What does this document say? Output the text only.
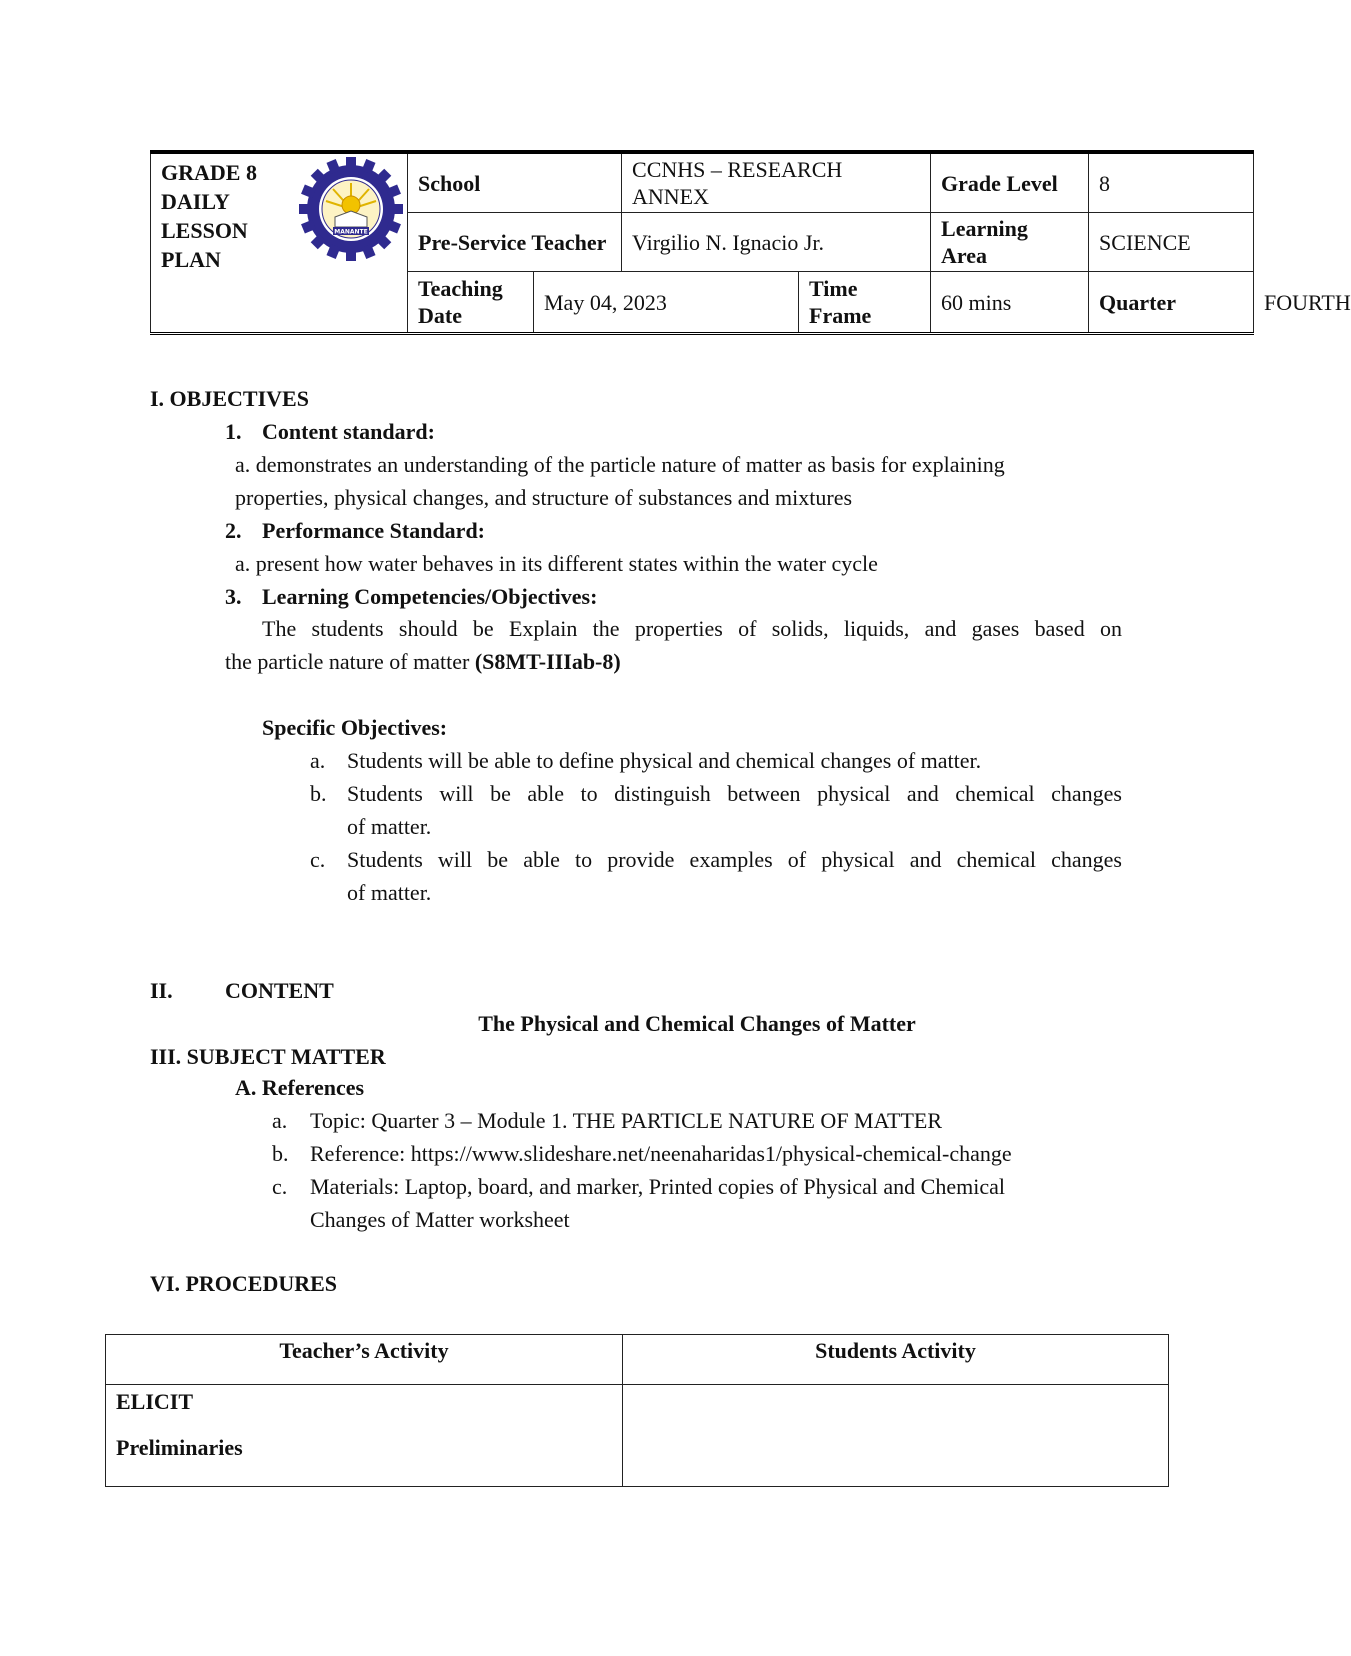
GRADE 8
DAILY
LESSON
PLAN
MANANTE	School		CCNHS – RESEARCH ANNEX		Grade Level	8	
	Pre-Service Teacher		Virgilio N. Ignacio Jr.		Learning Area	SCIENCE	
	Teaching Date	May 04, 2023		Time Frame	60 mins	Quarter	FOURTH
I. OBJECTIVES
1. Content standard:
a. demonstrates an understanding of the particle nature of matter as basis for explaining
properties, physical changes, and structure of substances and mixtures
2. Performance Standard:
a. present how water behaves in its different states within the water cycle
3. Learning Competencies/Objectives:
The students should be Explain the properties of solids, liquids, and gases based on
the particle nature of matter (S8MT-IIIab-8)
Specific Objectives:
a. Students will be able to define physical and chemical changes of matter.
b. Students will be able to distinguish between physical and chemical changes
of matter.
c. Students will be able to provide examples of physical and chemical changes
of matter.
II. CONTENT
The Physical and Chemical Changes of Matter
III. SUBJECT MATTER
A. References
a. Topic: Quarter 3 – Module 1. THE PARTICLE NATURE OF MATTER
b. Reference: https://www.slideshare.net/neenaharidas1/physical-chemical-change
c. Materials: Laptop, board, and marker, Printed copies of Physical and Chemical
Changes of Matter worksheet
VI. PROCEDURES
Teacher’s Activity	Students Activity

ELICIT
Preliminaries	
